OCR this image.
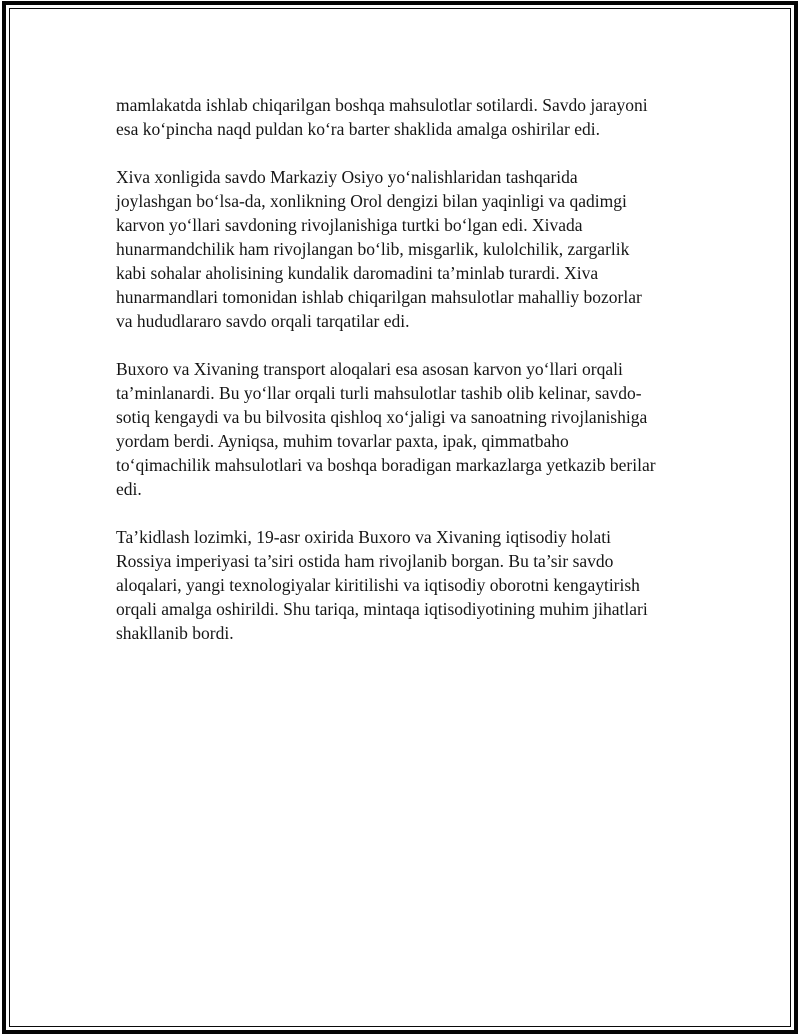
mamlakatda ishlab chiqarilgan boshqa mahsulotlar sotilardi. Savdo jarayoni
esa ko‘pincha naqd puldan ko‘ra barter shaklida amalga oshirilar edi.

Xiva xonligida savdo Markaziy Osiyo yo‘nalishlaridan tashqarida
joylashgan bo‘lsa-da, xonlikning Orol dengizi bilan yaqinligi va qadimgi
karvon yo‘llari savdoning rivojlanishiga turtki bo‘lgan edi. Xivada
hunarmandchilik ham rivojlangan bo‘lib, misgarlik, kulolchilik, zargarlik
kabi sohalar aholisining kundalik daromadini ta’minlab turardi. Xiva
hunarmandlari tomonidan ishlab chiqarilgan mahsulotlar mahalliy bozorlar
va hududlararo savdo orqali tarqatilar edi.

Buxoro va Xivaning transport aloqalari esa asosan karvon yo‘llari orqali
ta’minlanardi. Bu yo‘llar orqali turli mahsulotlar tashib olib kelinar, savdo-
sotiq kengaydi va bu bilvosita qishloq xo‘jaligi va sanoatning rivojlanishiga
yordam berdi. Ayniqsa, muhim tovarlar paxta, ipak, qimmatbaho
to‘qimachilik mahsulotlari va boshqa boradigan markazlarga yetkazib berilar
edi.

Ta’kidlash lozimki, 19-asr oxirida Buxoro va Xivaning iqtisodiy holati
Rossiya imperiyasi ta’siri ostida ham rivojlanib borgan. Bu ta’sir savdo
aloqalari, yangi texnologiyalar kiritilishi va iqtisodiy oborotni kengaytirish
orqali amalga oshirildi. Shu tariqa, mintaqa iqtisodiyotining muhim jihatlari
shakllanib bordi.
